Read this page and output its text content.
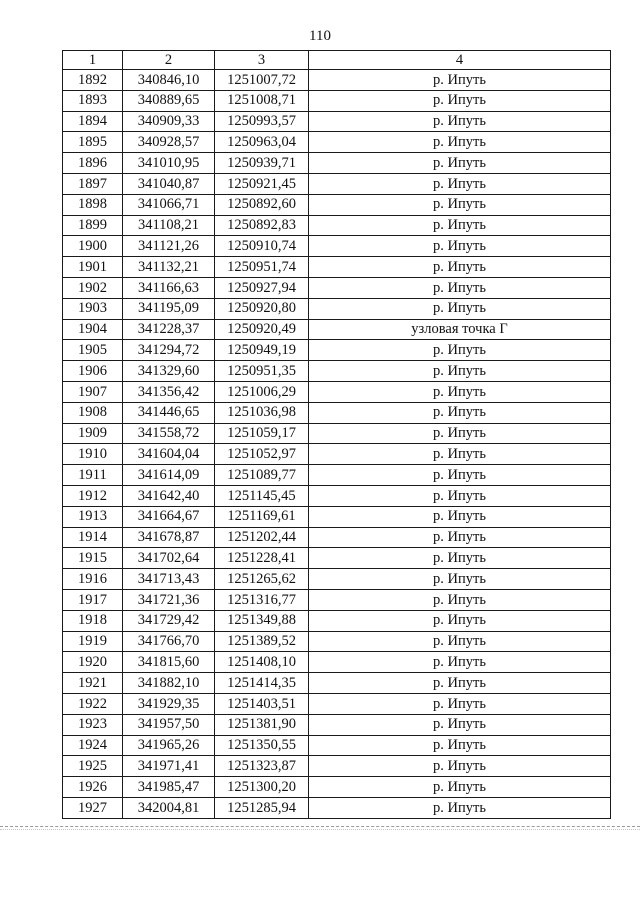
110
1	2	3	4
1892	340846,10	1251007,72	р. Ипуть
1893	340889,65	1251008,71	р. Ипуть
1894	340909,33	1250993,57	р. Ипуть
1895	340928,57	1250963,04	р. Ипуть
1896	341010,95	1250939,71	р. Ипуть
1897	341040,87	1250921,45	р. Ипуть
1898	341066,71	1250892,60	р. Ипуть
1899	341108,21	1250892,83	р. Ипуть
1900	341121,26	1250910,74	р. Ипуть
1901	341132,21	1250951,74	р. Ипуть
1902	341166,63	1250927,94	р. Ипуть
1903	341195,09	1250920,80	р. Ипуть
1904	341228,37	1250920,49	узловая точка Г
1905	341294,72	1250949,19	р. Ипуть
1906	341329,60	1250951,35	р. Ипуть
1907	341356,42	1251006,29	р. Ипуть
1908	341446,65	1251036,98	р. Ипуть
1909	341558,72	1251059,17	р. Ипуть
1910	341604,04	1251052,97	р. Ипуть
1911	341614,09	1251089,77	р. Ипуть
1912	341642,40	1251145,45	р. Ипуть
1913	341664,67	1251169,61	р. Ипуть
1914	341678,87	1251202,44	р. Ипуть
1915	341702,64	1251228,41	р. Ипуть
1916	341713,43	1251265,62	р. Ипуть
1917	341721,36	1251316,77	р. Ипуть
1918	341729,42	1251349,88	р. Ипуть
1919	341766,70	1251389,52	р. Ипуть
1920	341815,60	1251408,10	р. Ипуть
1921	341882,10	1251414,35	р. Ипуть
1922	341929,35	1251403,51	р. Ипуть
1923	341957,50	1251381,90	р. Ипуть
1924	341965,26	1251350,55	р. Ипуть
1925	341971,41	1251323,87	р. Ипуть
1926	341985,47	1251300,20	р. Ипуть
1927	342004,81	1251285,94	р. Ипуть
